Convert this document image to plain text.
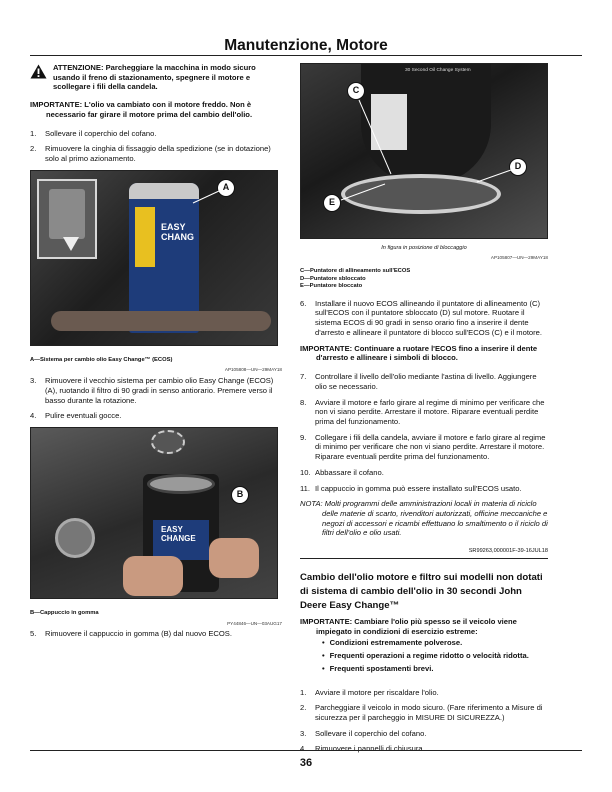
Manutenzione, Motore
ATTENZIONE: Parcheggiare la macchina in modo sicuro usando il freno di stazionamento, spegnere il motore e scollegare i fili della candela.
IMPORTANTE: L'olio va cambiato con il motore freddo. Non è
necessario far girare il motore prima del cambio dell'olio.
1.	Sollevare il coperchio del cofano.
2.	Rimuovere la cinghia di fissaggio della spedizione (se in dotazione) solo al primo azionamento.
EASY
CHANG
A
AP105808—UN—29MAY18
A—Sistema per cambio olio Easy Change™ (ECOS)
3.	Rimuovere il vecchio sistema per cambio olio Easy Change (ECOS) (A), ruotando il filtro di 90 gradi in senso antiorario. Premere verso il basso durante la rotazione.
4.	Pulire eventuali gocce.
EASY
CHANGE
B
PY44846—UN—03AUG17
B—Cappuccio in gomma
5.	Rimuovere il cappuccio in gomma (B) dal nuovo ECOS.
30 Second Oil Change System
C
D
E
AP105807—UN—29MAY18
In figura in posizione di bloccaggio
C—Puntatore di allineamento sull'ECOS
D—Puntatore sbloccato
E—Puntatore bloccato
6.	Installare il nuovo ECOS allineando il puntatore di allineamento (C) sull'ECOS con il puntatore sbloccato (D) sul motore. Ruotare il sistema ECOS di 90 gradi in senso orario fino a inserire il dente d'arresto e allineare il puntatore di blocco sull'ECOS (C) e il motore.
IMPORTANTE: Continuare a ruotare l'ECOS fino a inserire il dente
d'arresto e allineare i simboli di blocco.
7.	Controllare il livello dell'olio mediante l'astina di livello. Aggiungere olio se necessario.
8.	Avviare il motore e farlo girare al regime di minimo per verificare che non vi siano perdite. Arrestare il motore. Riparare eventuali perdite prima del funzionamento.
9.	Collegare i fili della candela, avviare il motore e farlo girare al regime di minimo per verificare che non vi siano perdite. Arrestare il motore. Riparare eventuali perdite prima del funzionamento.
10. Abbassare il cofano.
11. Il cappuccio in gomma può essere installato sull'ECOS usato.
NOTA: Molti programmi delle amministrazioni locali in materia di riciclo
delle materie di scarto, rivenditori autorizzati, officine meccaniche e negozi di accessori e ricambi effettuano lo smaltimento o il riciclo di filtri dell'olio e olio usati.
SR99263,000001F-39-16JUL18
Cambio dell'olio motore e filtro sui modelli non dotati di sistema di cambio dell'olio in 30 secondi John Deere Easy Change™
IMPORTANTE: Cambiare l'olio più spesso se il veicolo viene
impiegato in condizioni di esercizio estreme:
• Condizioni estremamente polverose.
• Frequenti operazioni a regime ridotto o velocità ridotta.
• Frequenti spostamenti brevi.
1.	Avviare il motore per riscaldare l'olio.
2.	Parcheggiare il veicolo in modo sicuro. (Fare riferimento a Misure di sicurezza per il parcheggio in MISURE DI SICUREZZA.)
3.	Sollevare il coperchio del cofano.
4.	Rimuovere i pannelli di chiusura.
36
